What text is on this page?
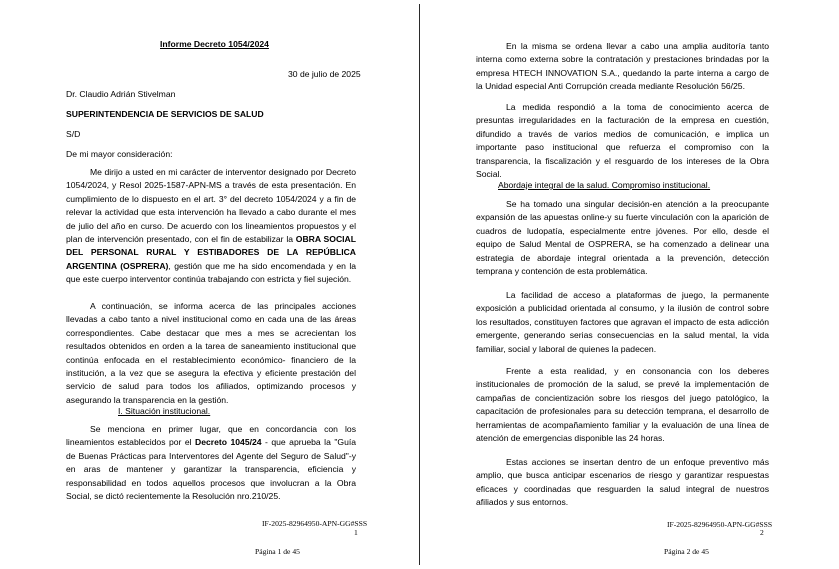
Informe Decreto 1054/2024
30 de julio de 2025
Dr. Claudio Adrián Stivelman
SUPERINTENDENCIA DE SERVICIOS DE SALUD
S/D
De mi mayor consideración:

Me dirijo a usted en mi carácter de interventor designado por Decreto 1054/2024, y Resol 2025-1587-APN-MS a través de esta presentación. En cumplimiento de lo dispuesto en el art. 3° del decreto 1054/2024 y a fin de relevar la actividad que esta intervención ha llevado a cabo durante el mes de julio del año en curso. De acuerdo con los lineamientos propuestos y el plan de intervención presentado, con el fin de estabilizar la OBRA SOCIAL DEL PERSONAL RURAL Y ESTIBADORES DE LA REPÚBLICA ARGENTINA (OSPRERA), gestión que me ha sido encomendada y en la que este cuerpo interventor continúa trabajando con estricta y fiel sujeción.

A continuación, se informa acerca de las principales acciones llevadas a cabo tanto a nivel institucional como en cada una de las áreas correspondientes. Cabe destacar que mes a mes se acrecientan los resultados obtenidos en orden a la tarea de saneamiento institucional que continúa enfocada en el restablecimiento económico- financiero de la institución, a la vez que se asegura la efectiva y eficiente prestación del servicio de salud para todos los afiliados, optimizando procesos y asegurando la transparencia en la gestión.

I. Situación institucional.

Se menciona en primer lugar, que en concordancia con los lineamientos establecidos por el Decreto 1045/24 - que aprueba la "Guía de Buenas Prácticas para Interventores del Agente del Seguro de Salud"-y en aras de mantener y garantizar la transparencia, eficiencia y responsabilidad en todos aquellos procesos que involucran a la Obra Social, se dictó recientemente la Resolución nro.210/25.

IF-2025-82964950-APN-GG#SSS
1
Página 1 de 45

En la misma se ordena llevar a cabo una amplia auditoría tanto interna como externa sobre la contratación y prestaciones brindadas por la empresa HTECH INNOVATION S.A., quedando la parte interna a cargo de la Unidad especial Anti Corrupción creada mediante Resolución 56/25.

La medida respondió a la toma de conocimiento acerca de presuntas irregularidades en la facturación de la empresa en cuestión, difundido a través de varios medios de comunicación, e implica un importante paso institucional que refuerza el compromiso con la transparencia, la fiscalización y el resguardo de los intereses de la Obra Social.

Abordaje integral de la salud. Compromiso institucional.

Se ha tomado una singular decisión-en atención a la preocupante expansión de las apuestas online-y su fuerte vinculación con la aparición de cuadros de ludopatía, especialmente entre jóvenes. Por ello, desde el equipo de Salud Mental de OSPRERA, se ha comenzado a delinear una estrategia de abordaje integral orientada a la prevención, detección temprana y contención de esta problemática.

La facilidad de acceso a plataformas de juego, la permanente exposición a publicidad orientada al consumo, y la ilusión de control sobre los resultados, constituyen factores que agravan el impacto de esta adicción emergente, generando serias consecuencias en la salud mental, la vida familiar, social y laboral de quienes la padecen.

Frente a esta realidad, y en consonancia con los deberes institucionales de promoción de la salud, se prevé la implementación de campañas de concientización sobre los riesgos del juego patológico, la capacitación de profesionales para su detección temprana, el desarrollo de herramientas de acompañamiento familiar y la evaluación de una línea de atención de emergencias disponible las 24 horas.

Estas acciones se insertan dentro de un enfoque preventivo más amplio, que busca anticipar escenarios de riesgo y garantizar respuestas eficaces y coordinadas que resguarden la salud integral de nuestros afiliados y sus entornos.

IF-2025-82964950-APN-GG#SSS
2
Página 2 de 45
